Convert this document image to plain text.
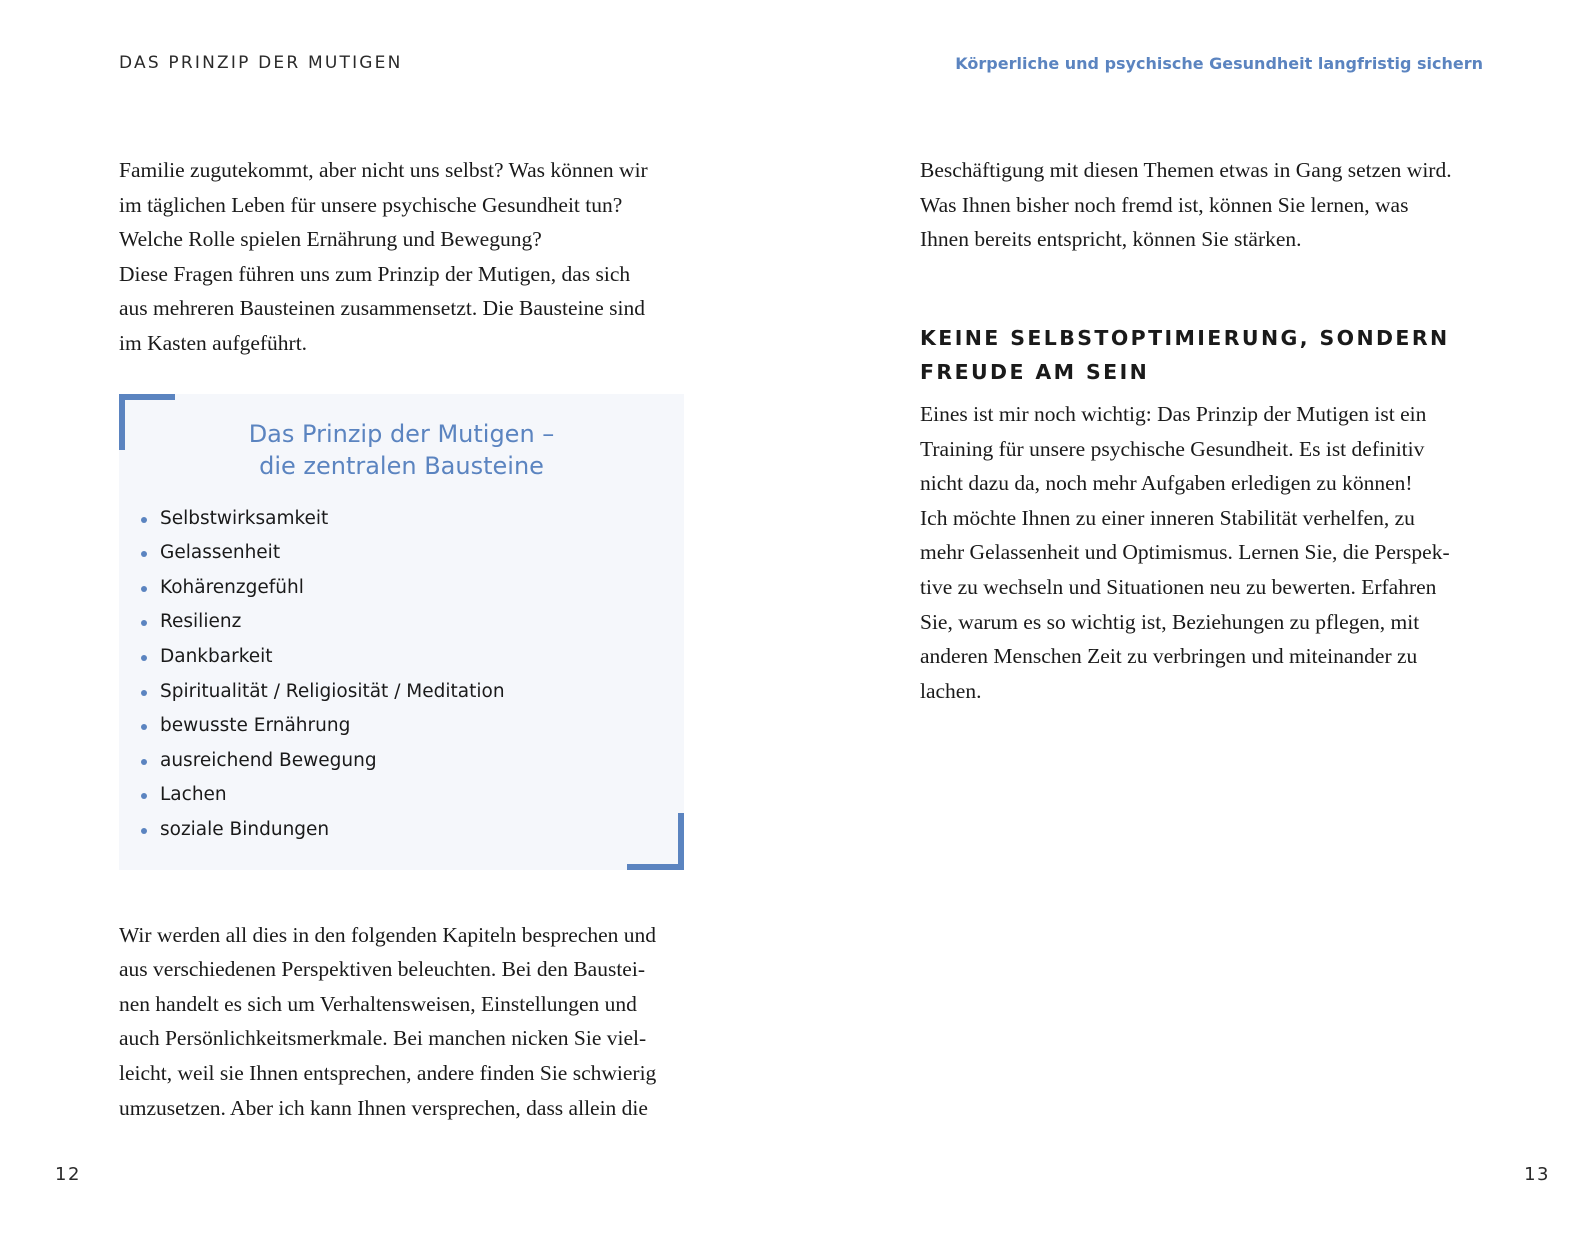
DAS PRINZIP DER MUTIGEN	Körperliche und psychische Gesundheit langfristig sichern

Familie zugutekommt, aber nicht uns selbst? Was können wir
im täglichen Leben für unsere psychische Gesundheit tun?
Welche Rolle spielen Ernährung und Bewegung?
Diese Fragen führen uns zum Prinzip der Mutigen, das sich
aus mehreren Bausteinen zusammensetzt. Die Bausteine sind
im Kasten aufgeführt.

Das Prinzip der Mutigen –
die zentralen Bausteine
Selbstwirksamkeit
Gelassenheit
Kohärenzgefühl
Resilienz
Dankbarkeit
Spiritualität / Religiosität / Meditation
bewusste Ernährung
ausreichend Bewegung
Lachen
soziale Bindungen

Wir werden all dies in den folgenden Kapiteln besprechen und
aus verschiedenen Perspektiven beleuchten. Bei den Baustei-
nen handelt es sich um Verhaltensweisen, Einstellungen und
auch Persönlichkeitsmerkmale. Bei manchen nicken Sie viel-
leicht, weil sie Ihnen entsprechen, andere finden Sie schwierig
umzusetzen. Aber ich kann Ihnen versprechen, dass allein die

Beschäftigung mit diesen Themen etwas in Gang setzen wird.
Was Ihnen bisher noch fremd ist, können Sie lernen, was
Ihnen bereits entspricht, können Sie stärken.

KEINE SELBSTOPTIMIERUNG, SONDERN
FREUDE AM SEIN

Eines ist mir noch wichtig: Das Prinzip der Mutigen ist ein
Training für unsere psychische Gesundheit. Es ist definitiv
nicht dazu da, noch mehr Aufgaben erledigen zu können!
Ich möchte Ihnen zu einer inneren Stabilität verhelfen, zu
mehr Gelassenheit und Optimismus. Lernen Sie, die Perspek-
tive zu wechseln und Situationen neu zu bewerten. Erfahren
Sie, warum es so wichtig ist, Beziehungen zu pflegen, mit
anderen Menschen Zeit zu verbringen und miteinander zu
lachen.

12	13
